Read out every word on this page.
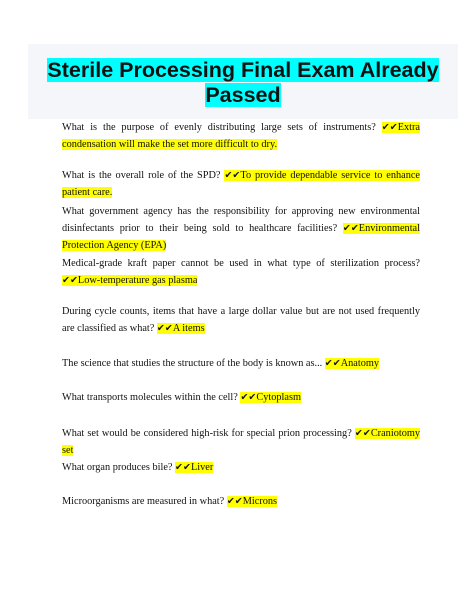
Sterile Processing Final Exam Already
Passed

What is the purpose of evenly distributing large sets of instruments? ✔✔Extra condensation will make the set more difficult to dry.

What is the overall role of the SPD? ✔✔To provide dependable service to enhance patient care.

What government agency has the responsibility for approving new environmental disinfectants prior to their being sold to healthcare facilities? ✔✔Environmental Protection Agency (EPA)

Medical-grade kraft paper cannot be used in what type of sterilization process? ✔✔Low-temperature gas plasma

During cycle counts, items that have a large dollar value but are not used frequently are classified as what? ✔✔A items

The science that studies the structure of the body is known as... ✔✔Anatomy

What transports molecules within the cell? ✔✔Cytoplasm

What set would be considered high-risk for special prion processing? ✔✔Craniotomy set

What organ produces bile? ✔✔Liver

Microorganisms are measured in what? ✔✔Microns
